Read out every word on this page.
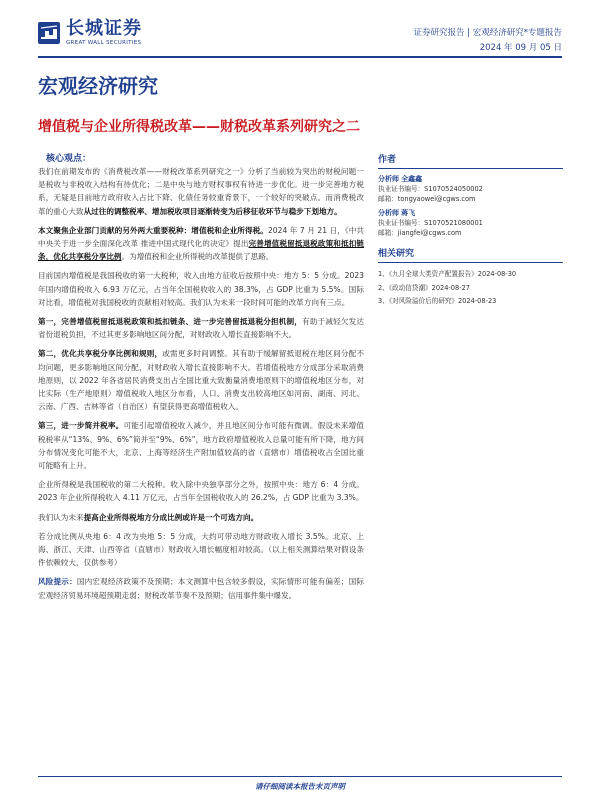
长城证券
GREAT WALL SECURITIES
证券研究报告 | 宏观经济研究*专题报告
2024 年 09 月 05 日
宏观经济研究
增值税与企业所得税改革——财税改革系列研究之二
核心观点：

我们在前期发布的《消费税改革——财税改革系列研究之一》分析了当前较为突出的财税问题一是税收与非税收入结构有待优化；二是中央与地方财权事权有待进一步优化。进一步完善地方税系，无疑是目前地方政府收入占比下降、化债任务较重背景下，一个较好的突破点。而消费税改革的重心大致从过往的调整税率、增加税收项目逐渐转变为后移征收环节与稳步下划地方。

本文聚焦企业部门贡献的另外两大重要税种：增值税和企业所得税。2024 年 7 月 21 日，《中共中央关于进一步全面深化改革 推进中国式现代化的决定》提出完善增值税留抵退税政策和抵扣链条，优化共享税分享比例。为增值税和企业所得税的改革提供了思路。

目前国内增值税是我国税收的第一大税种，收入由地方征收后按照中央：地方 5：5 分成。2023 年国内增值税收入 6.93 万亿元，占当年全国税收收入的 38.3%，占 GDP 比重为 5.5%。国际对比看，增值税对我国税收的贡献相对较高。我们认为未来一段时间可能的改革方向有三点。

第一，完善增值税留抵退税政策和抵扣链条、进一步完善留抵退税分担机制，有助于减轻欠发达省份退税负担，不过其更多影响地区间分配，对财政收入增长直接影响不大。

第二，优化共享税分享比例和规则，或需更多时间调整。其有助于缓解留抵退税在地区间分配不均问题，更多影响地区间分配，对财政收入增长直接影响不大。若增值税地方分成部分采取消费地原则，以 2022 年各省居民消费支出占全国比重大致衡量消费地原则下的增值税地区分布，对比实际（生产地原则）增值税收入地区分布看，人口、消费支出较高地区如河南、湖南、河北、云南、广西、吉林等省（自治区）有望获得更高增值税收入。

第三，进一步简并税率。可能引起增值税收入减少，并且地区间分布可能有微调。假设未来增值税税率从“13%、9%、6%”简并至“9%、6%”，地方政府增值税收入总量可能有所下降，地方间分布情况变化可能不大，北京、上海等经济生产附加值较高的省（直辖市）增值税收占全国比重可能略有上升。

企业所得税是我国税收的第二大税种。收入除中央独享部分之外，按照中央：地方 6：4 分成。2023 年企业所得税收入 4.11 万亿元，占当年全国税收收入的 26.2%，占 GDP 比重为 3.3%。

我们认为未来提高企业所得税地方分成比例或许是一个可选方向。

若分成比例从央地 6：4 改为央地 5：5 分成，大约可带动地方财政收入增长 3.5%。北京、上海、浙江、天津、山西等省（直辖市）财政收入增长幅度相对较高。（以上相关测算结果对假设条件依赖较大，仅供参考）

风险提示：国内宏观经济政策不及预期；本文测算中包含较多假设，实际情形可能有偏差；国际宏观经济贸易环境超预期走弱；财税改革节奏不及预期；信用事件集中爆发。

作者
分析师 全鑫鑫
执业证书编号：S1070524050002
邮箱：tongyaowei@cgws.com
分析师 蒋飞
执业证书编号：S1070521080001
邮箱：jiangfei@cgws.com
相关研究
1、《九月全球大类资产配置报告》2024-08-30
2、《政动信贷潮》2024-08-27
3、《对风险溢价后的研究》2024-08-23
请仔细阅读本报告末页声明
